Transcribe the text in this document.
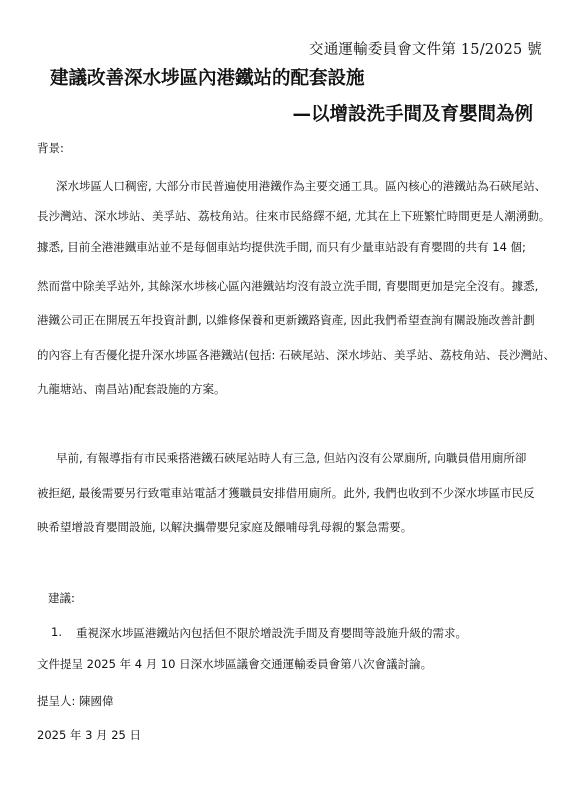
交通運輸委員會文件第 15/2025 號
建議改善深水埗區內港鐵站的配套設施
—以增設洗手間及育嬰間為例
背景:
深水埗區人口稠密, 大部分市民普遍使用港鐵作為主要交通工具。區內核心的港鐵站為石硤尾站、
長沙灣站、深水埗站、美孚站、荔枝角站。往來市民絡繹不絕, 尤其在上下班繁忙時間更是人潮湧動。
據悉, 目前全港港鐵車站並不是每個車站均提供洗手間, 而只有少量車站設有育嬰間的共有 14 個;
然而當中除美孚站外, 其餘深水埗核心區內港鐵站均沒有設立洗手間, 育嬰間更加是完全沒有。據悉,
港鐵公司正在開展五年投資計劃, 以維修保養和更新鐵路資產, 因此我們希望查詢有關設施改善計劃
的內容上有否優化提升深水埗區各港鐵站(包括: 石硤尾站、深水埗站、美孚站、荔枝角站、長沙灣站、
九龍塘站、南昌站)配套設施的方案。
早前, 有報導指有市民乘搭港鐵石硤尾站時人有三急, 但站內沒有公眾廁所, 向職員借用廁所卻
被拒絕, 最後需要另行致電車站電話才獲職員安排借用廁所。此外, 我們也收到不少深水埗區市民反
映希望增設育嬰間設施, 以解決攜帶嬰兒家庭及餵哺母乳母親的緊急需要。
建議:
1. 重視深水埗區港鐵站內包括但不限於增設洗手間及育嬰間等設施升級的需求。
文件提呈 2025 年 4 月 10 日深水埗區議會交通運輸委員會第八次會議討論。
提呈人: 陳國偉
2025 年 3 月 25 日
